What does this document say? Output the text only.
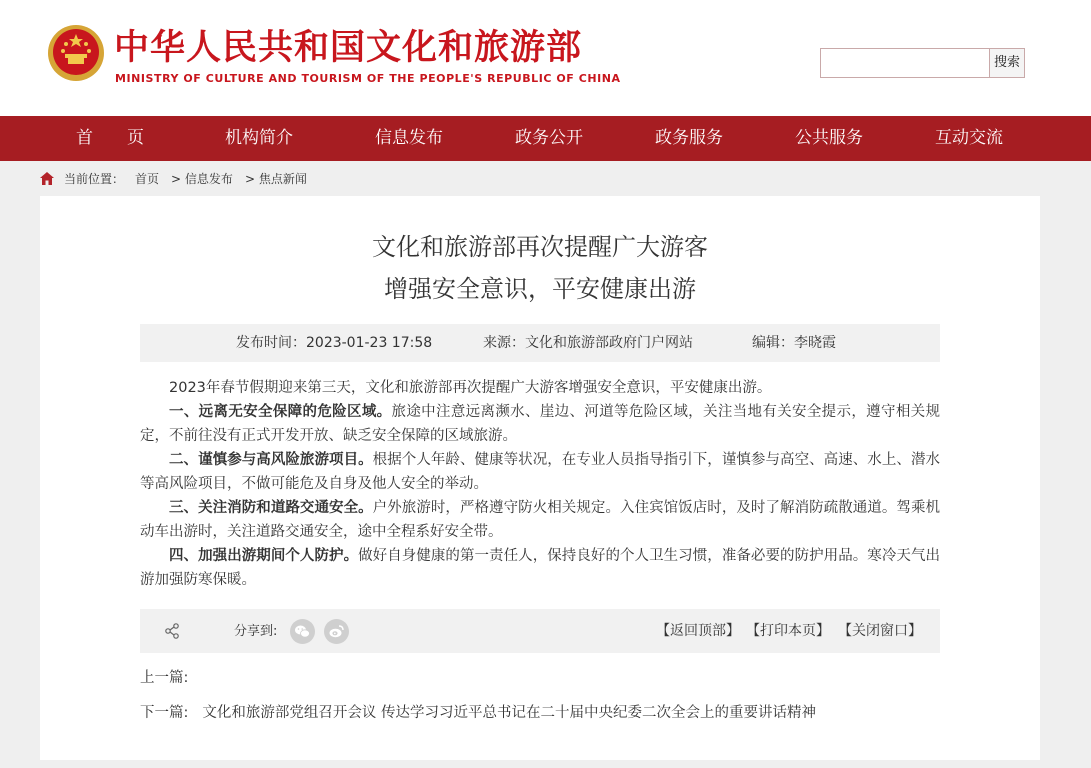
中华人民共和国文化和旅游部
MINISTRY OF CULTURE AND TOURISM OF THE PEOPLE'S REPUBLIC OF CHINA
搜索
首　　页	机构简介	信息发布	政务公开	政务服务	公共服务	互动交流
当前位置： 首页 > 信息发布 > 焦点新闻
文化和旅游部再次提醒广大游客
增强安全意识，平安健康出游
发布时间：2023-01-23 17:58	来源：文化和旅游部政府门户网站	编辑：李晓霞

2023年春节假期迎来第三天，文化和旅游部再次提醒广大游客增强安全意识，平安健康出游。

一、远离无安全保障的危险区域。旅途中注意远离濒水、崖边、河道等危险区域，关注当地有关安全提示，遵守相关规定，不前往没有正式开发开放、缺乏安全保障的区域旅游。

二、谨慎参与高风险旅游项目。根据个人年龄、健康等状况，在专业人员指导指引下，谨慎参与高空、高速、水上、潜水等高风险项目，不做可能危及自身及他人安全的举动。

三、关注消防和道路交通安全。户外旅游时，严格遵守防火相关规定。入住宾馆饭店时，及时了解消防疏散通道。驾乘机动车出游时，关注道路交通安全，途中全程系好安全带。

四、加强出游期间个人防护。做好自身健康的第一责任人，保持良好的个人卫生习惯，准备必要的防护用品。寒冷天气出游加强防寒保暖。

分享到:	【返回顶部】 【打印本页】 【关闭窗口】
上一篇:
下一篇: 文化和旅游部党组召开会议 传达学习习近平总书记在二十届中央纪委二次全会上的重要讲话精神
